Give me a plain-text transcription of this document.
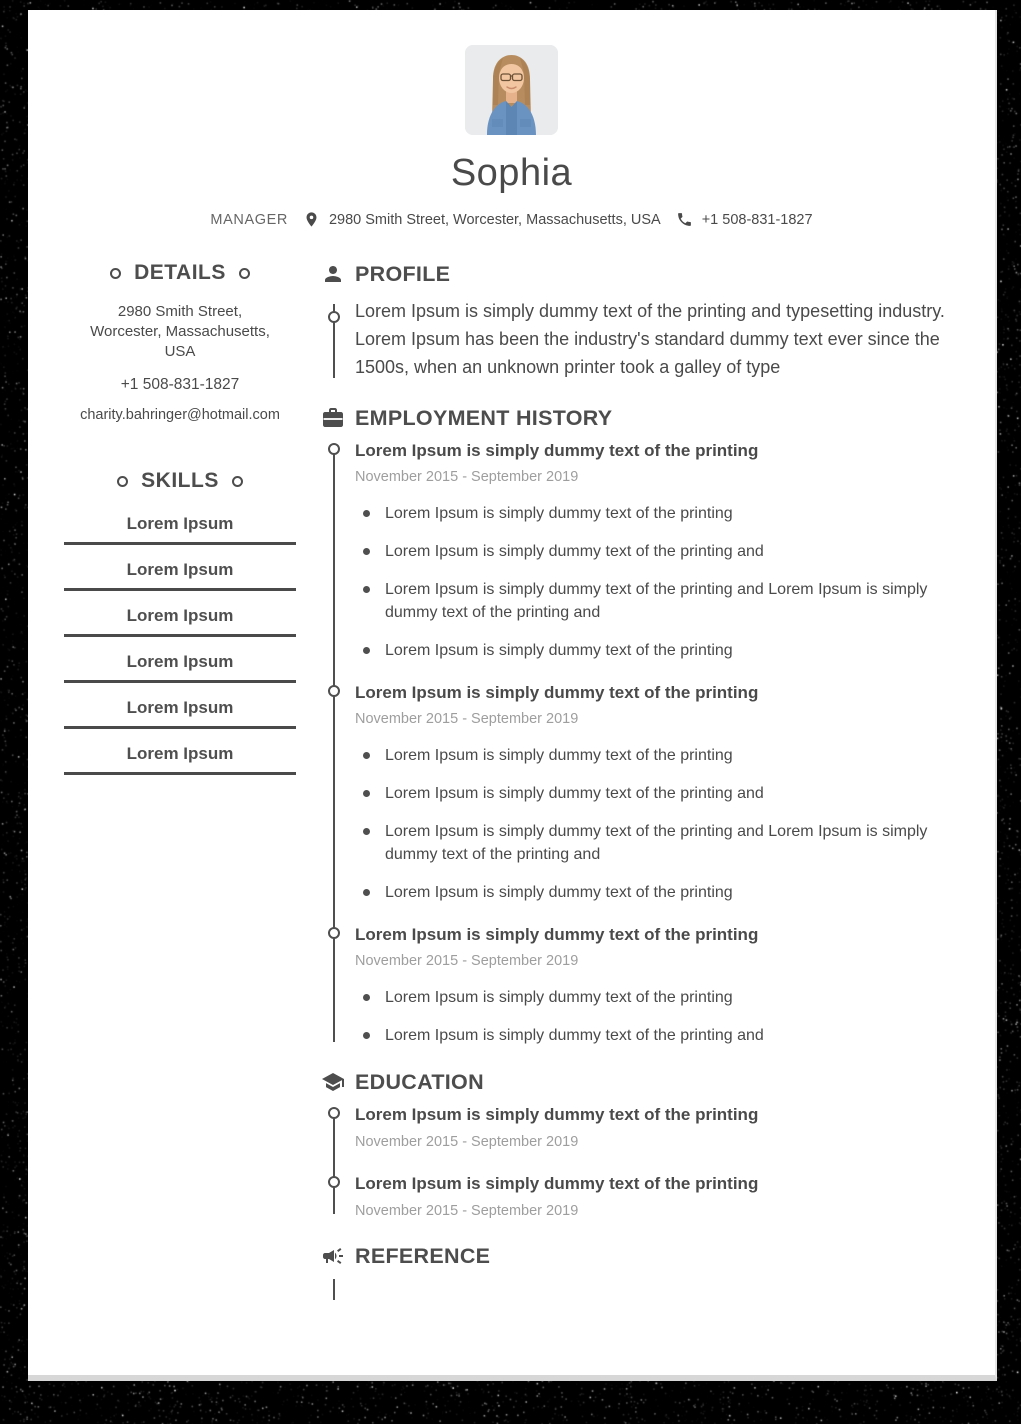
Sophia
MANAGER	2980 Smith Street, Worcester, Massachusetts, USA	+1 508-831-1827
DETAILS
2980 Smith Street,
Worcester, Massachusetts,
USA
+1 508-831-1827
charity.bahringer@hotmail.com
SKILLS
Lorem Ipsum
Lorem Ipsum
Lorem Ipsum
Lorem Ipsum
Lorem Ipsum
Lorem Ipsum
PROFILE
Lorem Ipsum is simply dummy text of the printing and typesetting industry. Lorem Ipsum has been the industry's standard dummy text ever since the 1500s, when an unknown printer took a galley of type
EMPLOYMENT HISTORY
Lorem Ipsum is simply dummy text of the printing
November 2015 - September 2019
Lorem Ipsum is simply dummy text of the printing
Lorem Ipsum is simply dummy text of the printing and
Lorem Ipsum is simply dummy text of the printing and Lorem Ipsum is simply dummy text of the printing and
Lorem Ipsum is simply dummy text of the printing
Lorem Ipsum is simply dummy text of the printing
November 2015 - September 2019
Lorem Ipsum is simply dummy text of the printing
Lorem Ipsum is simply dummy text of the printing and
Lorem Ipsum is simply dummy text of the printing and Lorem Ipsum is simply dummy text of the printing and
Lorem Ipsum is simply dummy text of the printing
Lorem Ipsum is simply dummy text of the printing
November 2015 - September 2019
Lorem Ipsum is simply dummy text of the printing
Lorem Ipsum is simply dummy text of the printing and
EDUCATION
Lorem Ipsum is simply dummy text of the printing
November 2015 - September 2019
Lorem Ipsum is simply dummy text of the printing
November 2015 - September 2019
REFERENCE
